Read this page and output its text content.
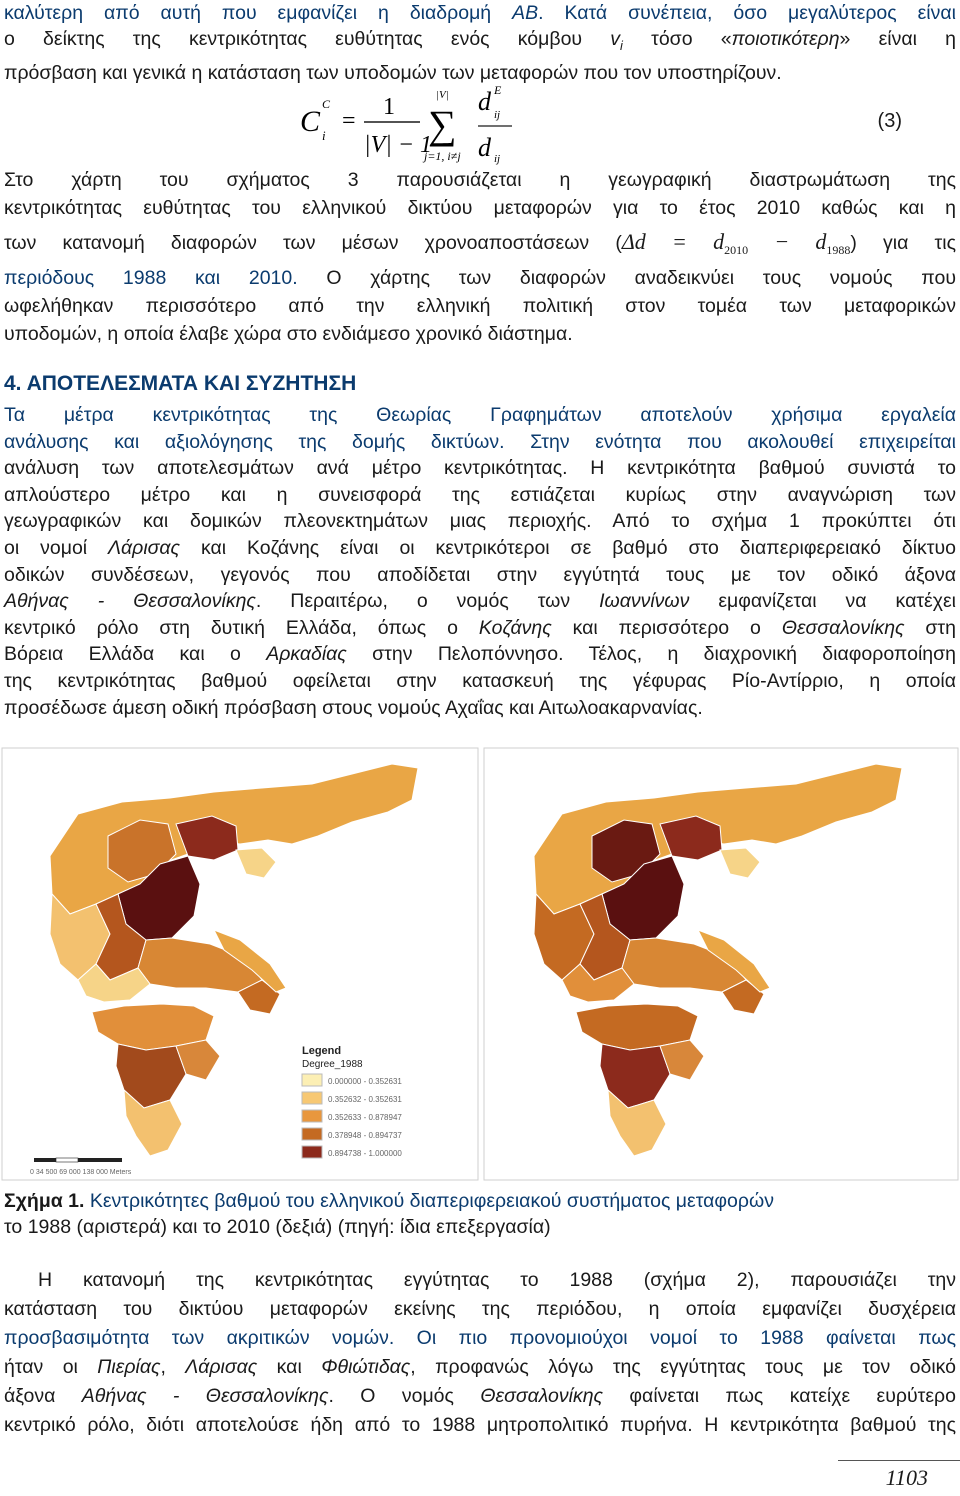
καλύτερη από αυτή που εμφανίζει η διαδρομή AB. Κατά συνέπεια, όσο μεγαλύτερος είναι
ο δείκτης της κεντρικότητας ευθύτητας ενός κόμβου $v_i$ τόσο «ποιοτικότερη» είναι η
πρόσβαση και γενικά η κατάσταση των υποδομών των μεταφορών που τον υποστηρίζουν.
C
C
i
=
1
|V| − 1
|V|
∑
j=1, i≠j
d E
ij
d ij
(3)
Στο χάρτη του σχήματος 3 παρουσιάζεται η γεωγραφική διαστρωμάτωση της
κεντρικότητας ευθύτητας του ελληνικού δικτύου μεταφορών για το έτος 2010 καθώς και η
των κατανομή διαφορών των μέσων χρονοαποστάσεων $(\Delta d = d_{2010} - d_{1988})$ για τις
περιόδους 1988 και 2010. Ο χάρτης των διαφορών αναδεικνύει τους νομούς που
ωφελήθηκαν περισσότερο από την ελληνική πολιτική στον τομέα των μεταφορικών
υποδομών, η οποία έλαβε χώρα στο ενδιάμεσο χρονικό διάστημα.
4. ΑΠΟΤΕΛΕΣΜΑΤΑ ΚΑΙ ΣΥΖΗΤΗΣΗ
Τα μέτρα κεντρικότητας της Θεωρίας Γραφημάτων αποτελούν χρήσιμα εργαλεία
ανάλυσης και αξιολόγησης της δομής δικτύων. Στην ενότητα που ακολουθεί επιχειρείται
ανάλυση των αποτελεσμάτων ανά μέτρο κεντρικότητας. Η κεντρικότητα βαθμού συνιστά το
απλούστερο μέτρο και η συνεισφορά της εστιάζεται κυρίως στην αναγνώριση των
γεωγραφικών και δομικών πλεονεκτημάτων μιας περιοχής. Από το σχήμα 1 προκύπτει ότι
οι νομοί Λάρισας και Κοζάνης είναι οι κεντρικότεροι σε βαθμό στο διαπεριφερειακό δίκτυο
οδικών συνδέσεων, γεγονός που αποδίδεται στην εγγύτητά τους με τον οδικό άξονα
Αθήνας - Θεσσαλονίκης. Περαιτέρω, ο νομός των Ιωαννίνων εμφανίζεται να κατέχει
κεντρικό ρόλο στη δυτική Ελλάδα, όπως ο Κοζάνης και περισσότερο ο Θεσσαλονίκης στη
Βόρεια Ελλάδα και ο Αρκαδίας στην Πελοπόννησο. Τέλος, η διαχρονική διαφοροποίηση
της κεντρικότητας βαθμού οφείλεται στην κατασκευή της γέφυρας Ρίο-Αντίρριο, η οποία
προσέδωσε άμεση οδική πρόσβαση στους νομούς Αχαΐας και Αιτωλοακαρνανίας.
Legend
Degree_1988
0.000000 - 0.352631
0.352632 - 0.352631
0.352633 - 0.878947
0.378948 - 0.894737
0.894738 - 1.000000
0 34 500 69 000 138 000 Meters
Σχήμα 1. Κεντρικότητες βαθμού του ελληνικού διαπεριφερειακού συστήματος μεταφορών
το 1988 (αριστερά) και το 2010 (δεξιά) (πηγή: ίδια επεξεργασία)
Η κατανομή της κεντρικότητας εγγύτητας το 1988 (σχήμα 2), παρουσιάζει την
κατάσταση του δικτύου μεταφορών εκείνης της περιόδου, η οποία εμφανίζει δυσχέρεια
προσβασιμότητα των ακριτικών νομών. Οι πιο προνομιούχοι νομοί το 1988 φαίνεται πως
ήταν οι Πιερίας, Λάρισας και Φθιώτιδας, προφανώς λόγω της εγγύτητας τους με τον οδικό
άξονα Αθήνας - Θεσσαλονίκης. Ο νομός Θεσσαλονίκης φαίνεται πως κατείχε ευρύτερο
κεντρικό ρόλο, διότι αποτελούσε ήδη από το 1988 μητροπολιτικό πυρήνα. Η κεντρικότητα βαθμού της
1103
